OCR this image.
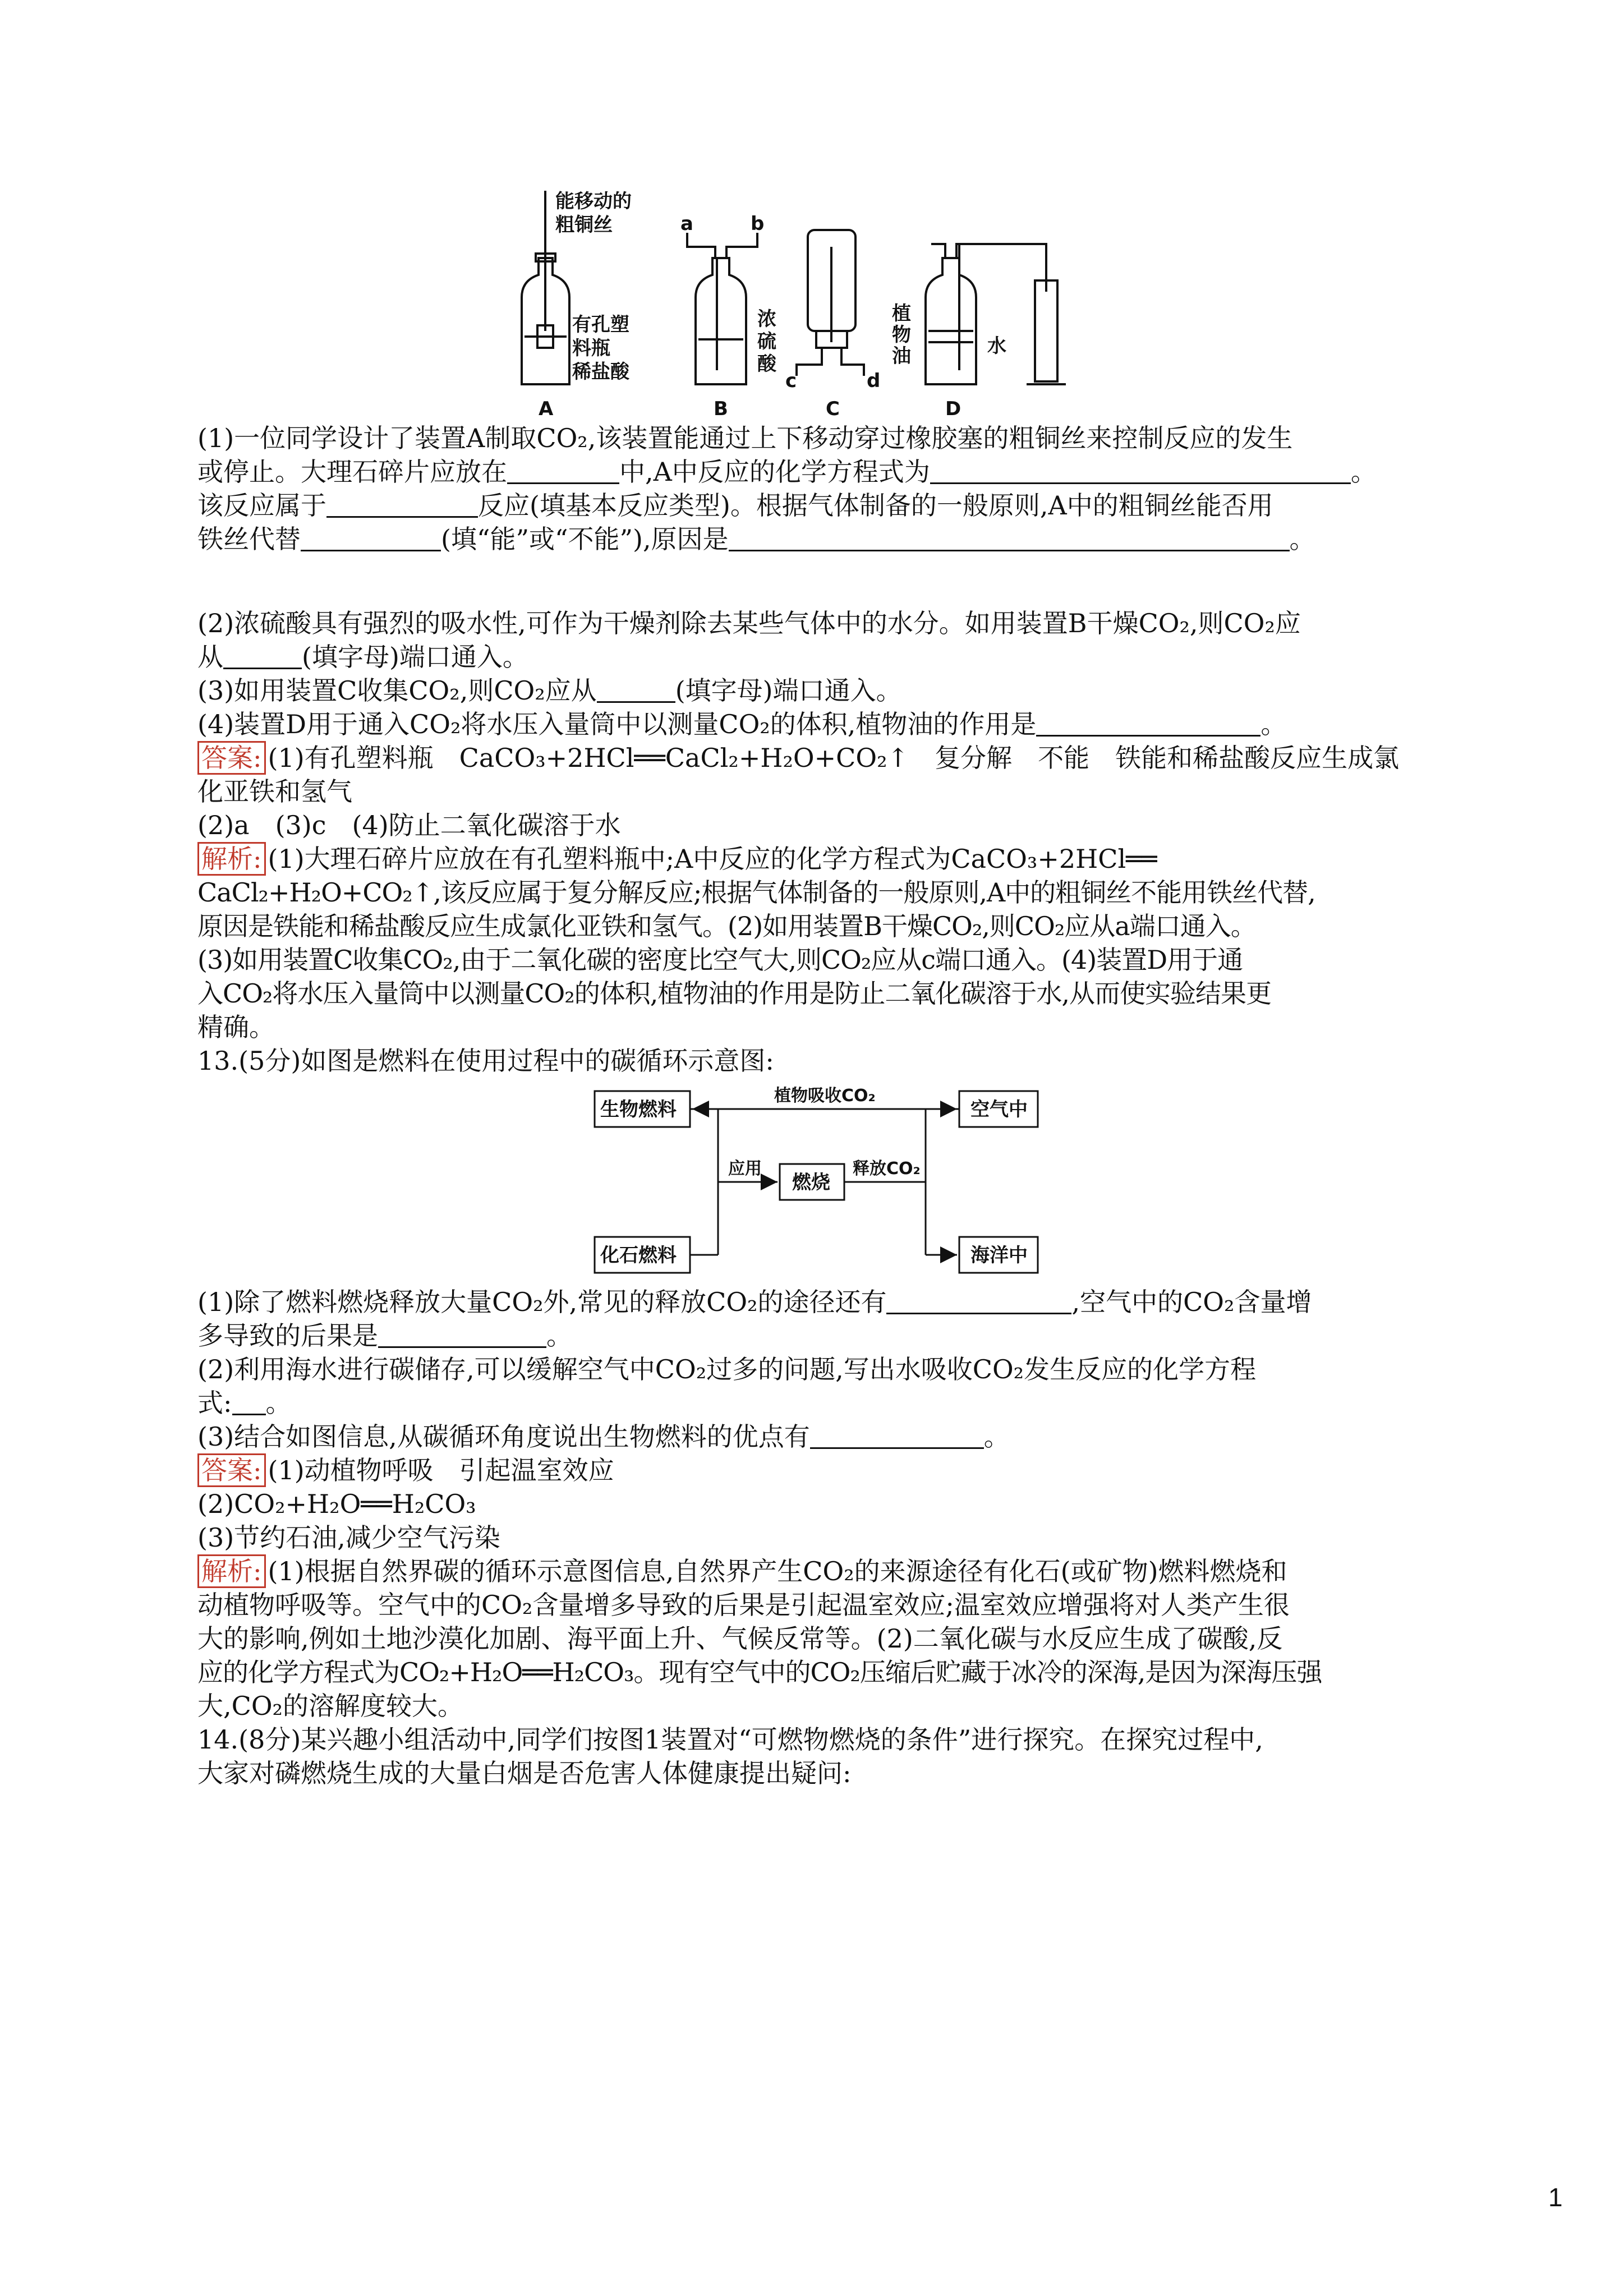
能移动的
粗铜丝
有孔塑
料瓶
稀盐酸
浓
硫
酸
植
物
油	水
a	b
c	d
A	B	C	D
(1)一位同学设计了装置A制取CO₂,该装置能通过上下移动穿过橡胶塞的粗铜丝来控制反应的发生
或停止。大理石碎片应放在	中,A中反应的化学方程式为	。
该反应属于	反应(填基本反应类型)。根据气体制备的一般原则,A中的粗铜丝能否用
铁丝代替	(填“能”或“不能”),原因是	。
(2)浓硫酸具有强烈的吸水性,可作为干燥剂除去某些气体中的水分。如用装置B干燥CO₂,则CO₂应
从	(填字母)端口通入。
(3)如用装置C收集CO₂,则CO₂应从	(填字母)端口通入。
(4)装置D用于通入CO₂将水压入量筒中以测量CO₂的体积,植物油的作用是	。
答案: (1)有孔塑料瓶　CaCO₃+2HCl══CaCl₂+H₂O+CO₂↑　复分解　不能　铁能和稀盐酸反应生成氯
化亚铁和氢气
(2)a　(3)c　(4)防止二氧化碳溶于水
解析: (1)大理石碎片应放在有孔塑料瓶中;A中反应的化学方程式为CaCO₃+2HCl══
CaCl₂+H₂O+CO₂↑,该反应属于复分解反应;根据气体制备的一般原则,A中的粗铜丝不能用铁丝代替,
原因是铁能和稀盐酸反应生成氯化亚铁和氢气。(2)如用装置B干燥CO₂,则CO₂应从a端口通入。
(3)如用装置C收集CO₂,由于二氧化碳的密度比空气大,则CO₂应从c端口通入。(4)装置D用于通
入CO₂将水压入量筒中以测量CO₂的体积,植物油的作用是防止二氧化碳溶于水,从而使实验结果更
精确。
13.(5分)如图是燃料在使用过程中的碳循环示意图:
生物燃料
化石燃料
燃烧
空气中
海洋中
植物吸收CO₂
应用	释放CO₂
(1)除了燃料燃烧释放大量CO₂外,常见的释放CO₂的途径还有	,空气中的CO₂含量增
多导致的后果是	。
(2)利用海水进行碳储存,可以缓解空气中CO₂过多的问题,写出水吸收CO₂发生反应的化学方程
式: 。
(3)结合如图信息,从碳循环角度说出生物燃料的优点有	。
答案: (1)动植物呼吸　引起温室效应
(2)CO₂+H₂O══H₂CO₃
(3)节约石油,减少空气污染
解析: (1)根据自然界碳的循环示意图信息,自然界产生CO₂的来源途径有化石(或矿物)燃料燃烧和
动植物呼吸等。空气中的CO₂含量增多导致的后果是引起温室效应;温室效应增强将对人类产生很
大的影响,例如土地沙漠化加剧、海平面上升、气候反常等。(2)二氧化碳与水反应生成了碳酸,反
应的化学方程式为CO₂+H₂O══H₂CO₃。现有空气中的CO₂压缩后贮藏于冰冷的深海,是因为深海压强
大,CO₂的溶解度较大。
14.(8分)某兴趣小组活动中,同学们按图1装置对“可燃物燃烧的条件”进行探究。在探究过程中,
大家对磷燃烧生成的大量白烟是否危害人体健康提出疑问:
1
